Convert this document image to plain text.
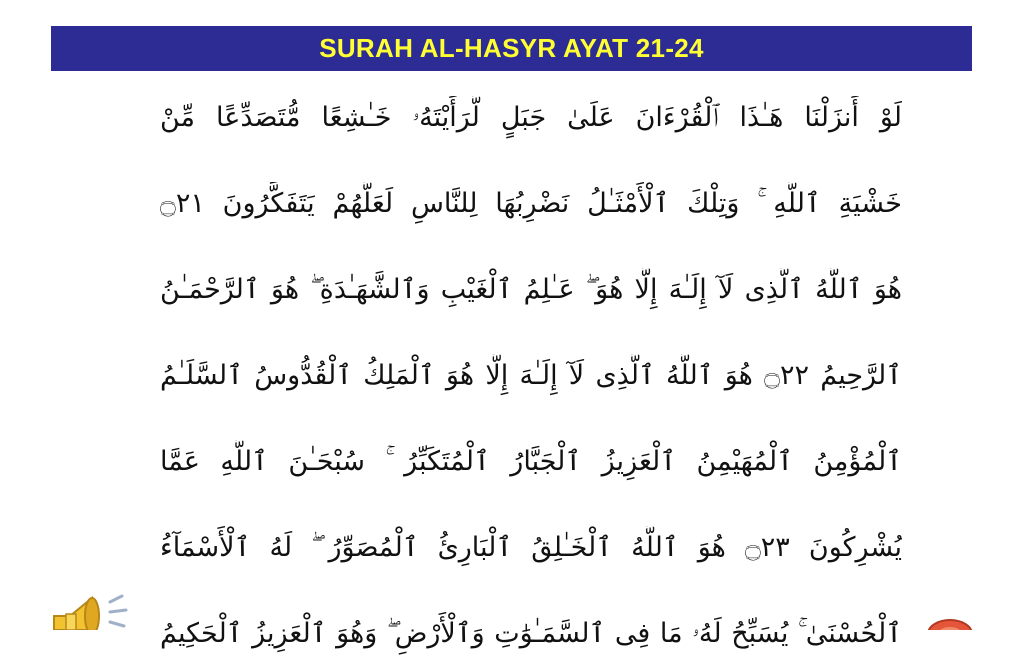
SURAH AL-HASYR AYAT 21-24

لَوْ أَنزَلْنَا هَـٰذَا ٱلْقُرْءَانَ عَلَىٰ جَبَلٍ لَّرَأَيْتَهُۥ خَـٰشِعًا مُّتَصَدِّعًا مِّنْ

خَشْيَةِ ٱللَّهِ ۚ وَتِلْكَ ٱلْأَمْثَـٰلُ نَضْرِبُهَا لِلنَّاسِ لَعَلَّهُمْ يَتَفَكَّرُونَ ۝٢١

هُوَ ٱللَّهُ ٱلَّذِى لَآ إِلَـٰهَ إِلَّا هُوَ ۖ عَـٰلِمُ ٱلْغَيْبِ وَٱلشَّهَـٰدَةِ ۖ هُوَ ٱلرَّحْمَـٰنُ

ٱلرَّحِيمُ ۝٢٢ هُوَ ٱللَّهُ ٱلَّذِى لَآ إِلَـٰهَ إِلَّا هُوَ ٱلْمَلِكُ ٱلْقُدُّوسُ ٱلسَّلَـٰمُ

ٱلْمُؤْمِنُ ٱلْمُهَيْمِنُ ٱلْعَزِيزُ ٱلْجَبَّارُ ٱلْمُتَكَبِّرُ ۚ سُبْحَـٰنَ ٱللَّهِ عَمَّا

يُشْرِكُونَ ۝٢٣ هُوَ ٱللَّهُ ٱلْخَـٰلِقُ ٱلْبَارِئُ ٱلْمُصَوِّرُ ۖ لَهُ ٱلْأَسْمَآءُ

ٱلْحُسْنَىٰ ۚ يُسَبِّحُ لَهُۥ مَا فِى ٱلسَّمَـٰوَٰتِ وَٱلْأَرْضِ ۖ وَهُوَ ٱلْعَزِيزُ ٱلْحَكِيمُ
